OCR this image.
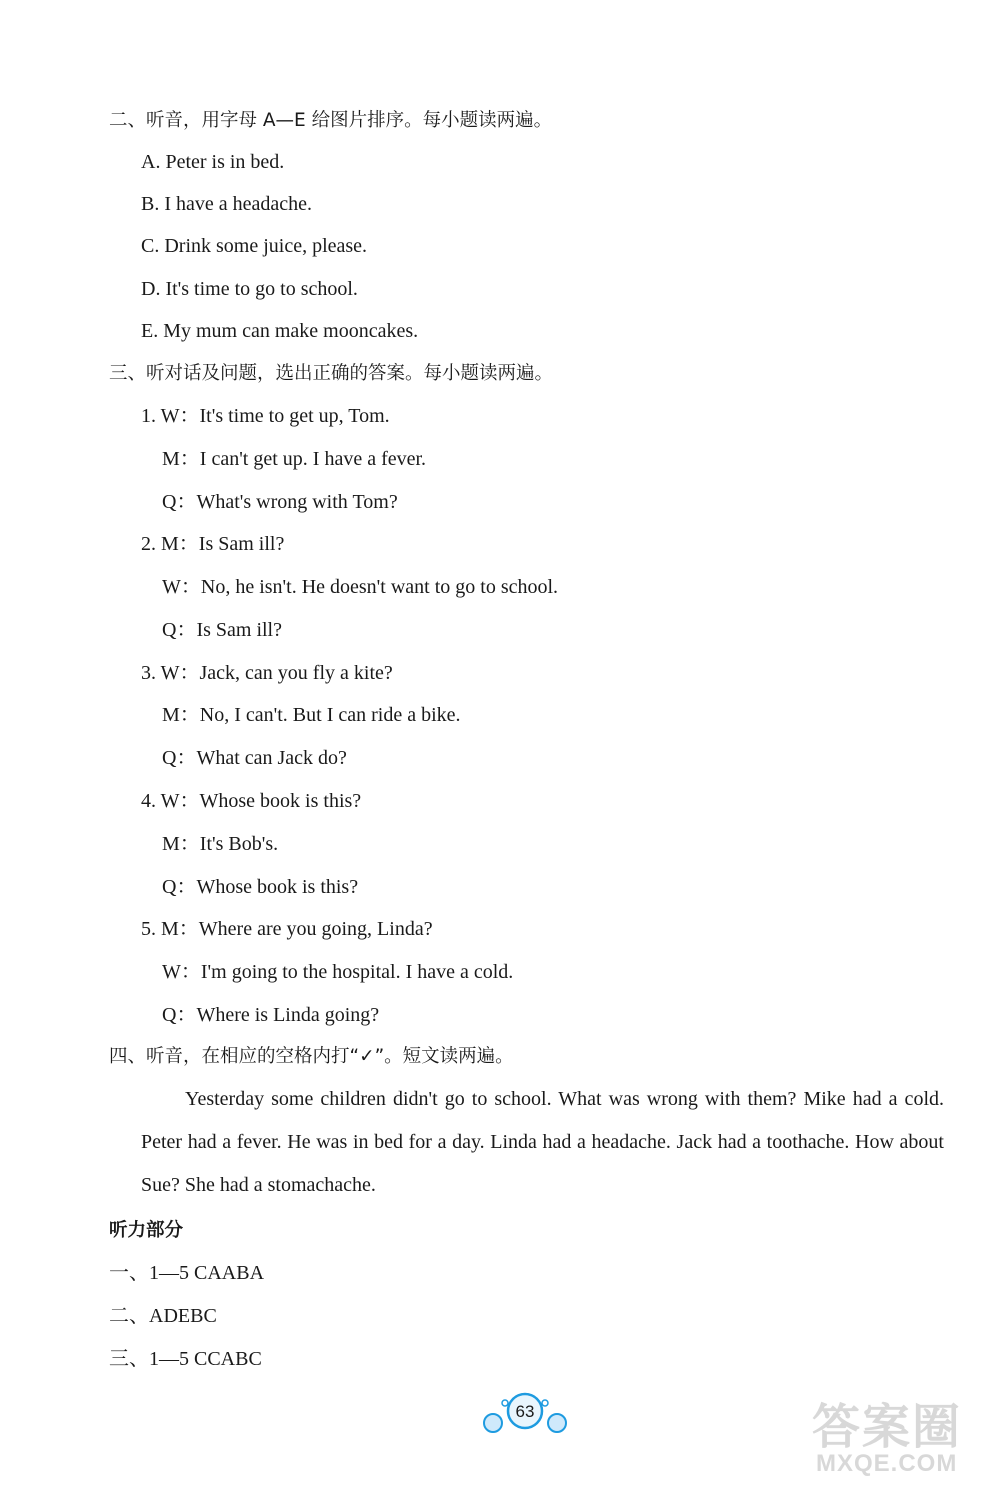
二、听音，用字母 A—E 给图片排序。每小题读两遍。
A. Peter is in bed.
B. I have a headache.
C. Drink some juice, please.
D. It's time to go to school.
E. My mum can make mooncakes.
三、听对话及问题，选出正确的答案。每小题读两遍。
1. W：It's time to get up, Tom.
M：I can't get up. I have a fever.
Q：What's wrong with Tom?
2. M：Is Sam ill?
W：No, he isn't. He doesn't want to go to school.
Q：Is Sam ill?
3. W：Jack, can you fly a kite?
M：No, I can't. But I can ride a bike.
Q：What can Jack do?
4. W：Whose book is this?
M：It's Bob's.
Q：Whose book is this?
5. M：Where are you going, Linda?
W：I'm going to the hospital. I have a cold.
Q：Where is Linda going?
四、听音，在相应的空格内打“✓”。短文读两遍。
Yesterday some children didn't go to school. What was wrong with them? Mike had a cold. Peter had a fever. He was in bed for a day. Linda had a headache. Jack had a toothache. How about Sue? She had a stomachache.
听力部分
一、1—5 CAABA
二、ADEBC
三、1—5 CCABC
63	答案圈
MXQE.COM
